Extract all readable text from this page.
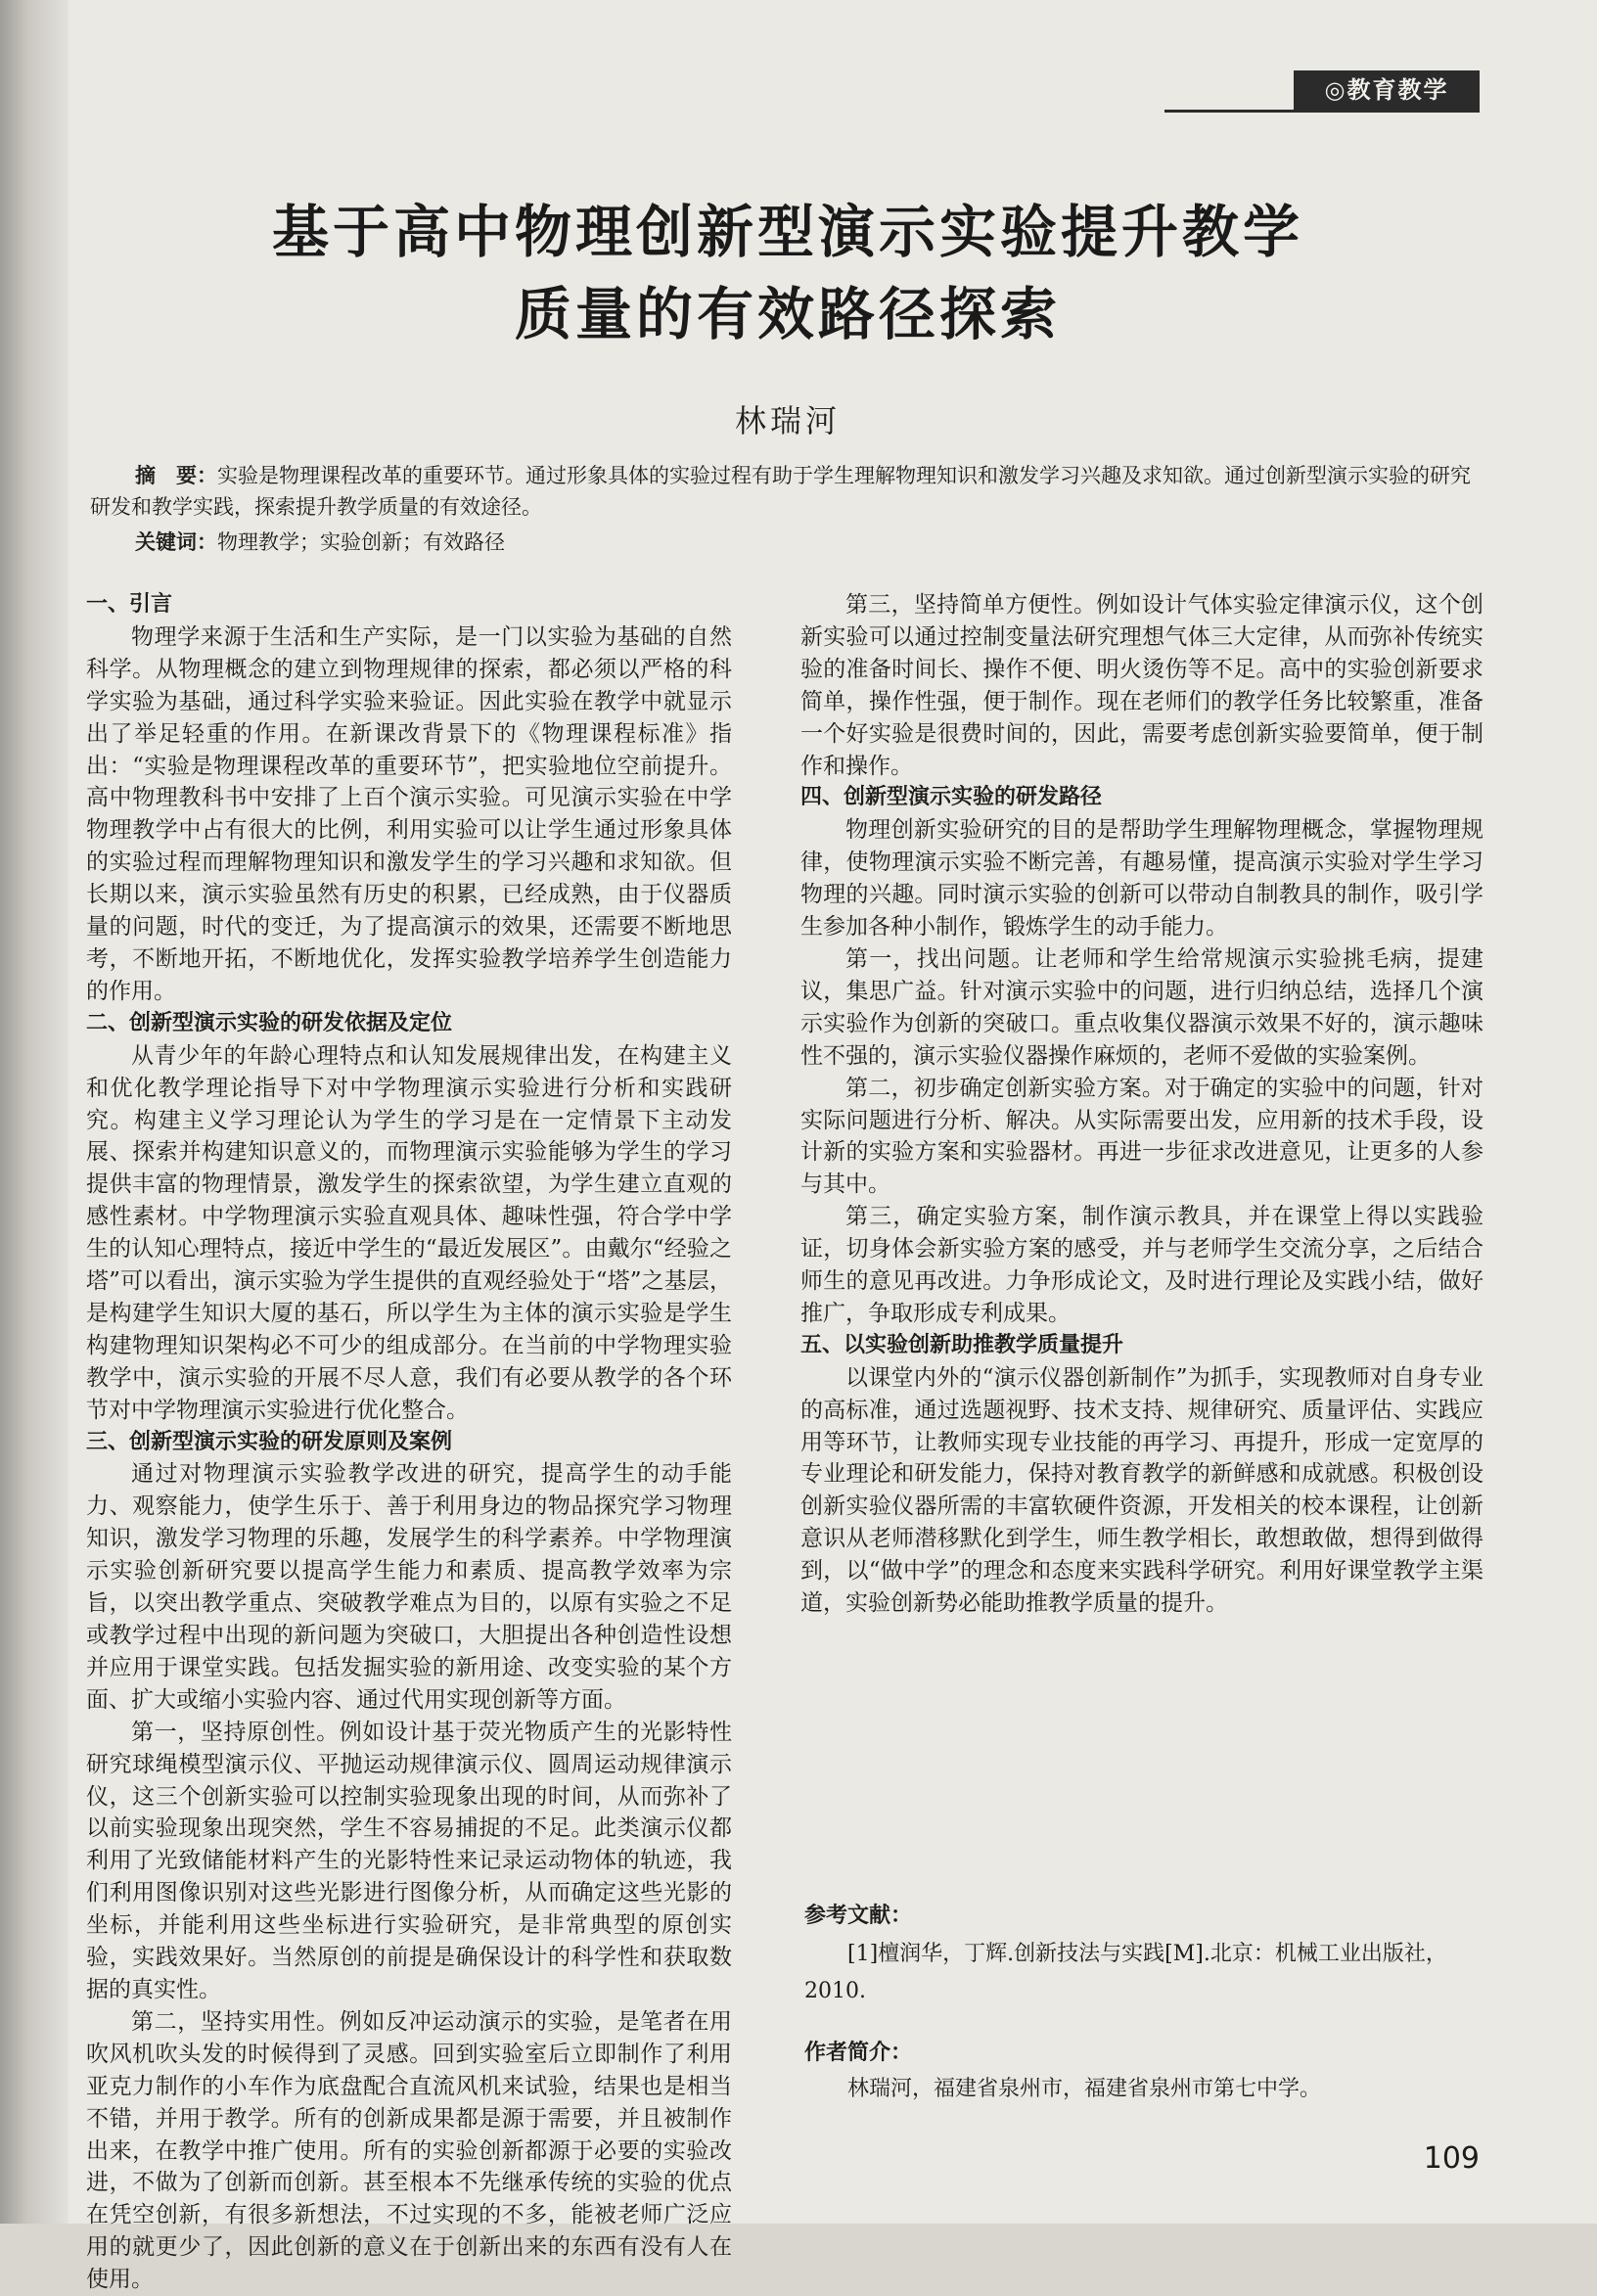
◎教育教学
基于高中物理创新型演示实验提升教学
质量的有效路径探索
林瑞河
摘　要：实验是物理课程改革的重要环节。通过形象具体的实验过程有助于学生理解物理知识和激发学习兴趣及求知欲。通过创新型演示实验的研究研发和教学实践，探索提升教学质量的有效途径。
关键词：物理教学；实验创新；有效路径
一、引言

物理学来源于生活和生产实际，是一门以实验为基础的自然科学。从物理概念的建立到物理规律的探索，都必须以严格的科学实验为基础，通过科学实验来验证。因此实验在教学中就显示出了举足轻重的作用。在新课改背景下的《物理课程标准》指出：“实验是物理课程改革的重要环节”，把实验地位空前提升。高中物理教科书中安排了上百个演示实验。可见演示实验在中学物理教学中占有很大的比例，利用实验可以让学生通过形象具体的实验过程而理解物理知识和激发学生的学习兴趣和求知欲。但长期以来，演示实验虽然有历史的积累，已经成熟，由于仪器质量的问题，时代的变迁，为了提高演示的效果，还需要不断地思考，不断地开拓，不断地优化，发挥实验教学培养学生创造能力的作用。

二、创新型演示实验的研发依据及定位

从青少年的年龄心理特点和认知发展规律出发，在构建主义和优化教学理论指导下对中学物理演示实验进行分析和实践研究。构建主义学习理论认为学生的学习是在一定情景下主动发展、探索并构建知识意义的，而物理演示实验能够为学生的学习提供丰富的物理情景，激发学生的探索欲望，为学生建立直观的感性素材。中学物理演示实验直观具体、趣味性强，符合学中学生的认知心理特点，接近中学生的“最近发展区”。由戴尔“经验之塔”可以看出，演示实验为学生提供的直观经验处于“塔”之基层，是构建学生知识大厦的基石，所以学生为主体的演示实验是学生构建物理知识架构必不可少的组成部分。在当前的中学物理实验教学中，演示实验的开展不尽人意，我们有必要从教学的各个环节对中学物理演示实验进行优化整合。

三、创新型演示实验的研发原则及案例

通过对物理演示实验教学改进的研究，提高学生的动手能力、观察能力，使学生乐于、善于利用身边的物品探究学习物理知识，激发学习物理的乐趣，发展学生的科学素养。中学物理演示实验创新研究要以提高学生能力和素质、提高教学效率为宗旨，以突出教学重点、突破教学难点为目的，以原有实验之不足或教学过程中出现的新问题为突破口，大胆提出各种创造性设想并应用于课堂实践。包括发掘实验的新用途、改变实验的某个方面、扩大或缩小实验内容、通过代用实现创新等方面。

第一，坚持原创性。例如设计基于荧光物质产生的光影特性研究球绳模型演示仪、平抛运动规律演示仪、圆周运动规律演示仪，这三个创新实验可以控制实验现象出现的时间，从而弥补了以前实验现象出现突然，学生不容易捕捉的不足。此类演示仪都利用了光致储能材料产生的光影特性来记录运动物体的轨迹，我们利用图像识别对这些光影进行图像分析，从而确定这些光影的坐标，并能利用这些坐标进行实验研究，是非常典型的原创实验，实践效果好。当然原创的前提是确保设计的科学性和获取数据的真实性。

第二，坚持实用性。例如反冲运动演示的实验，是笔者在用吹风机吹头发的时候得到了灵感。回到实验室后立即制作了利用亚克力制作的小车作为底盘配合直流风机来试验，结果也是相当不错，并用于教学。所有的创新成果都是源于需要，并且被制作出来，在教学中推广使用。所有的实验创新都源于必要的实验改进，不做为了创新而创新。甚至根本不先继承传统的实验的优点在凭空创新，有很多新想法，不过实现的不多，能被老师广泛应用的就更少了，因此创新的意义在于创新出来的东西有没有人在使用。

第三，坚持简单方便性。例如设计气体实验定律演示仪，这个创新实验可以通过控制变量法研究理想气体三大定律，从而弥补传统实验的准备时间长、操作不便、明火烫伤等不足。高中的实验创新要求简单，操作性强，便于制作。现在老师们的教学任务比较繁重，准备一个好实验是很费时间的，因此，需要考虑创新实验要简单，便于制作和操作。

四、创新型演示实验的研发路径

物理创新实验研究的目的是帮助学生理解物理概念，掌握物理规律，使物理演示实验不断完善，有趣易懂，提高演示实验对学生学习物理的兴趣。同时演示实验的创新可以带动自制教具的制作，吸引学生参加各种小制作，锻炼学生的动手能力。

第一，找出问题。让老师和学生给常规演示实验挑毛病，提建议，集思广益。针对演示实验中的问题，进行归纳总结，选择几个演示实验作为创新的突破口。重点收集仪器演示效果不好的，演示趣味性不强的，演示实验仪器操作麻烦的，老师不爱做的实验案例。

第二，初步确定创新实验方案。对于确定的实验中的问题，针对实际问题进行分析、解决。从实际需要出发，应用新的技术手段，设计新的实验方案和实验器材。再进一步征求改进意见，让更多的人参与其中。

第三，确定实验方案，制作演示教具，并在课堂上得以实践验证，切身体会新实验方案的感受，并与老师学生交流分享，之后结合师生的意见再改进。力争形成论文，及时进行理论及实践小结，做好推广，争取形成专利成果。

五、以实验创新助推教学质量提升

以课堂内外的“演示仪器创新制作”为抓手，实现教师对自身专业的高标准，通过选题视野、技术支持、规律研究、质量评估、实践应用等环节，让教师实现专业技能的再学习、再提升，形成一定宽厚的专业理论和研发能力，保持对教育教学的新鲜感和成就感。积极创设创新实验仪器所需的丰富软硬件资源，开发相关的校本课程，让创新意识从老师潜移默化到学生，师生教学相长，敢想敢做，想得到做得到，以“做中学”的理念和态度来实践科学研究。利用好课堂教学主渠道，实验创新势必能助推教学质量的提升。

参考文献：
[1]檀润华，丁辉.创新技法与实践[M].北京：机械工业出版社，2010.
作者简介：
林瑞河，福建省泉州市，福建省泉州市第七中学。
109
